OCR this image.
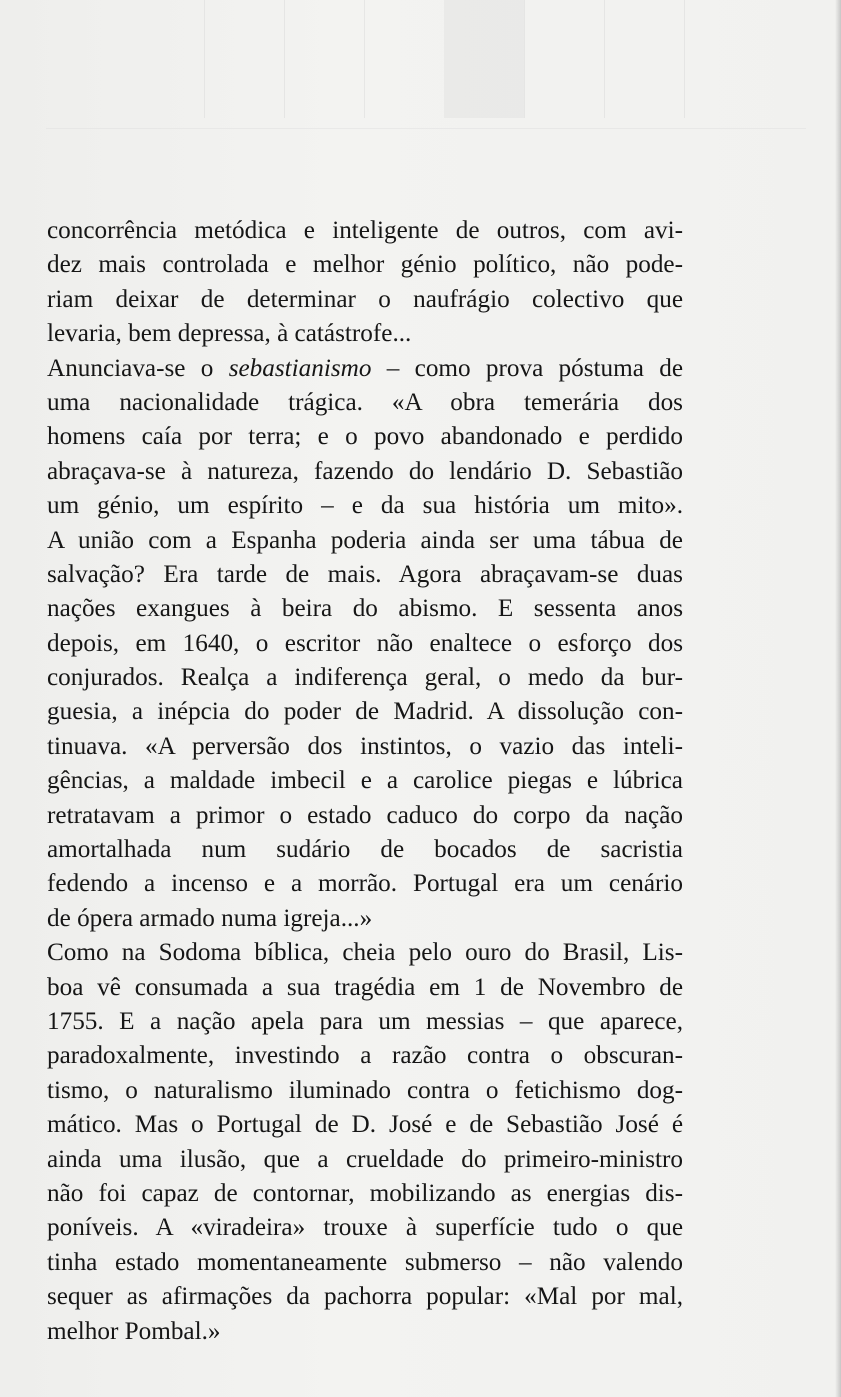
concorrência metódica e inteligente de outros, com avi-
dez mais controlada e melhor génio político, não pode-
riam deixar de determinar o naufrágio colectivo que
levaria, bem depressa, à catástrofe...
Anunciava-se o sebastianismo – como prova póstuma de
uma nacionalidade trágica. «A obra temerária dos
homens caía por terra; e o povo abandonado e perdido
abraçava-se à natureza, fazendo do lendário D. Sebastião
um génio, um espírito – e da sua história um mito».
A união com a Espanha poderia ainda ser uma tábua de
salvação? Era tarde de mais. Agora abraçavam-se duas
nações exangues à beira do abismo. E sessenta anos
depois, em 1640, o escritor não enaltece o esforço dos
conjurados. Realça a indiferença geral, o medo da bur-
guesia, a inépcia do poder de Madrid. A dissolução con-
tinuava. «A perversão dos instintos, o vazio das inteli-
gências, a maldade imbecil e a carolice piegas e lúbrica
retratavam a primor o estado caduco do corpo da nação
amortalhada num sudário de bocados de sacristia
fedendo a incenso e a morrão. Portugal era um cenário
de ópera armado numa igreja...»
Como na Sodoma bíblica, cheia pelo ouro do Brasil, Lis-
boa vê consumada a sua tragédia em 1 de Novembro de
1755. E a nação apela para um messias – que aparece,
paradoxalmente, investindo a razão contra o obscuran-
tismo, o naturalismo iluminado contra o fetichismo dog-
mático. Mas o Portugal de D. José e de Sebastião José é
ainda uma ilusão, que a crueldade do primeiro-ministro
não foi capaz de contornar, mobilizando as energias dis-
poníveis. A «viradeira» trouxe à superfície tudo o que
tinha estado momentaneamente submerso – não valendo
sequer as afirmações da pachorra popular: «Mal por mal,
melhor Pombal.»
